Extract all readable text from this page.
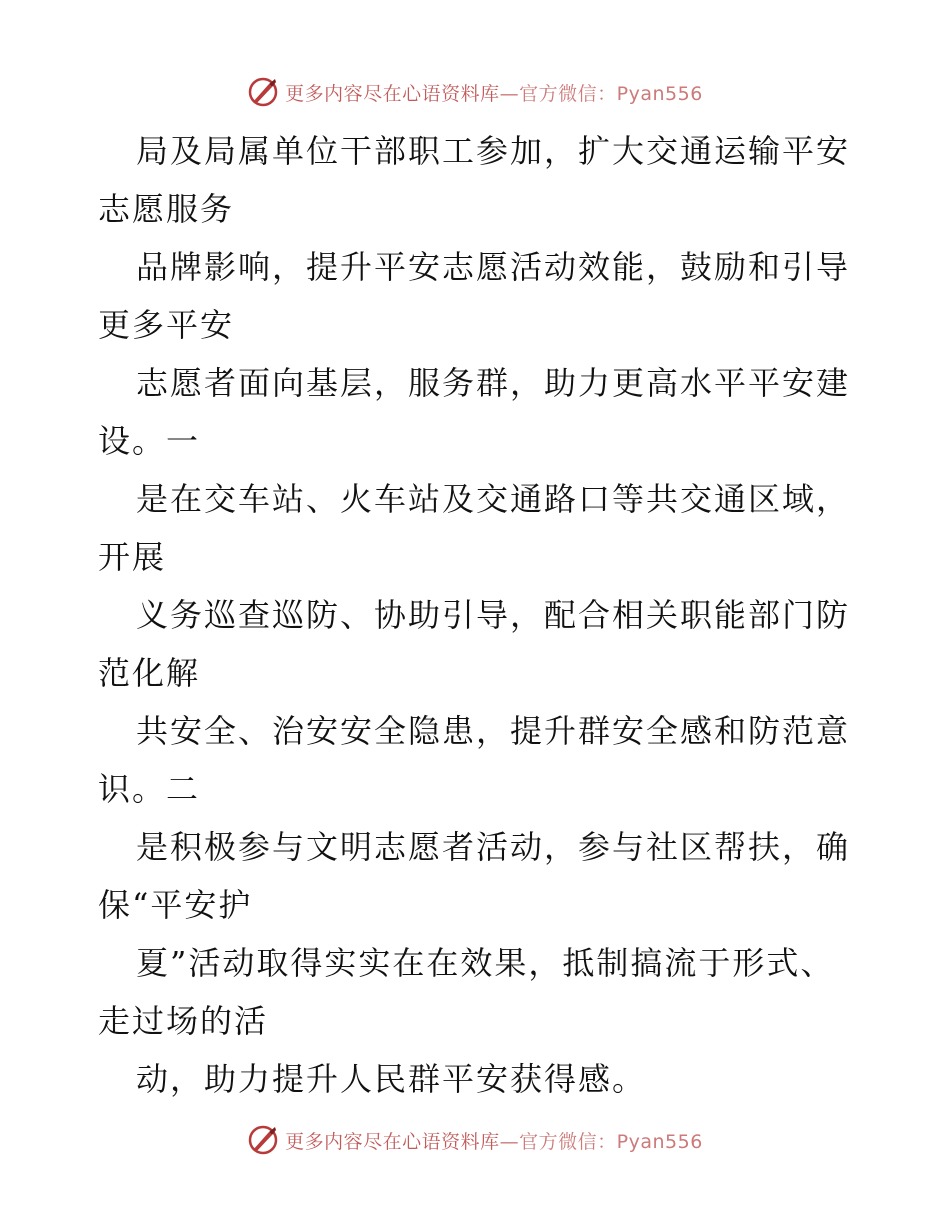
更多内容尽在心语资料库—官方微信：Pyan556
局及局属单位干部职工参加，扩大交通运输平安
志愿服务
品牌影响，提升平安志愿活动效能，鼓励和引导
更多平安
志愿者面向基层，服务群，助力更高水平平安建
设。一
是在交车站、火车站及交通路口等共交通区域，
开展
义务巡查巡防、协助引导，配合相关职能部门防
范化解
共安全、治安安全隐患，提升群安全感和防范意
识。二
是积极参与文明志愿者活动，参与社区帮扶，确
保“平安护
夏”活动取得实实在在效果，抵制搞流于形式、
走过场的活
动，助力提升人民群平安获得感。
更多内容尽在心语资料库—官方微信：Pyan556
